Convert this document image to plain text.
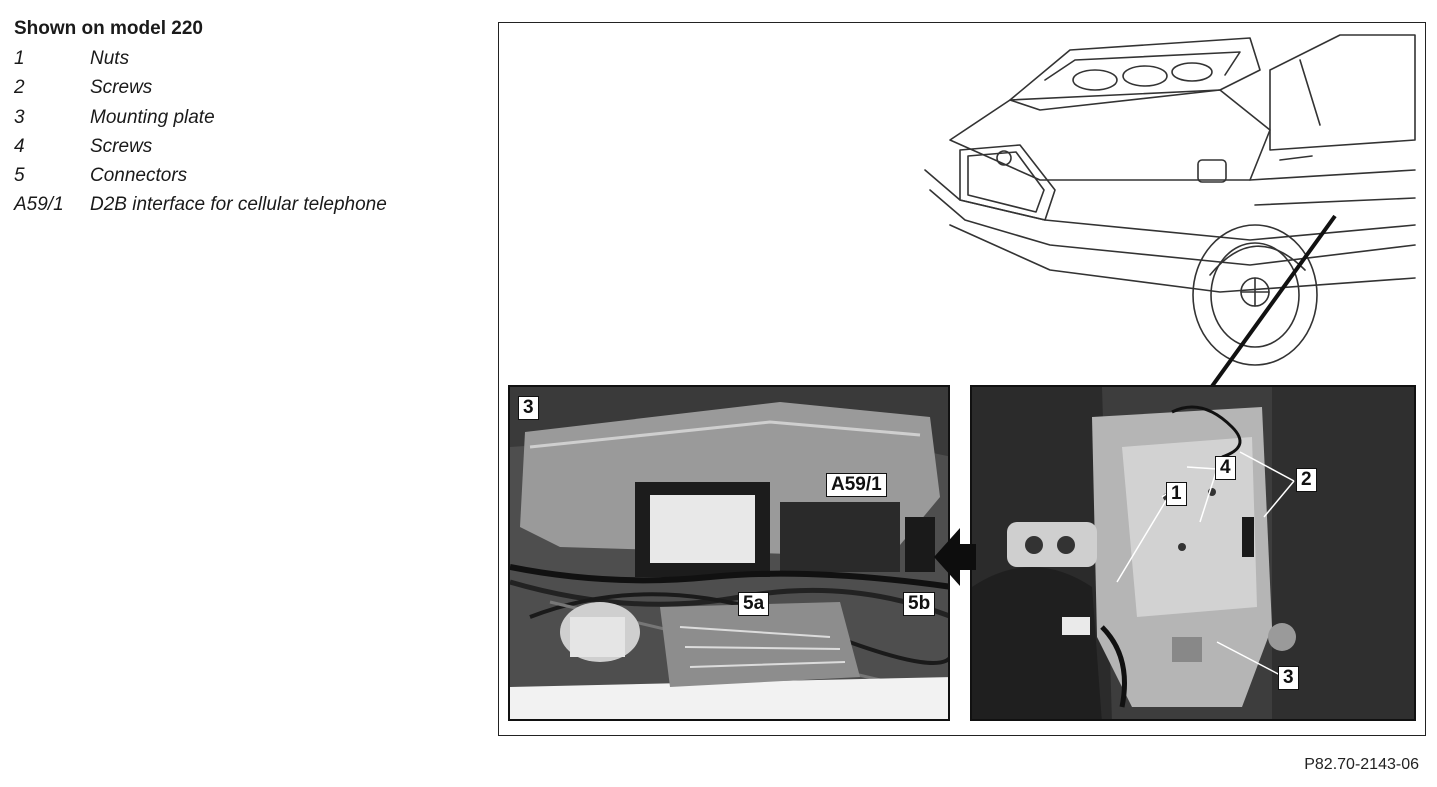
Shown on model 220
1	Nuts
2	Screws
3	Mounting plate
4	Screws
5	Connectors
A59/1	D2B interface for cellular telephone
3
A59/1
5a	5b
1
2
4
3
P82.70-2143-06
